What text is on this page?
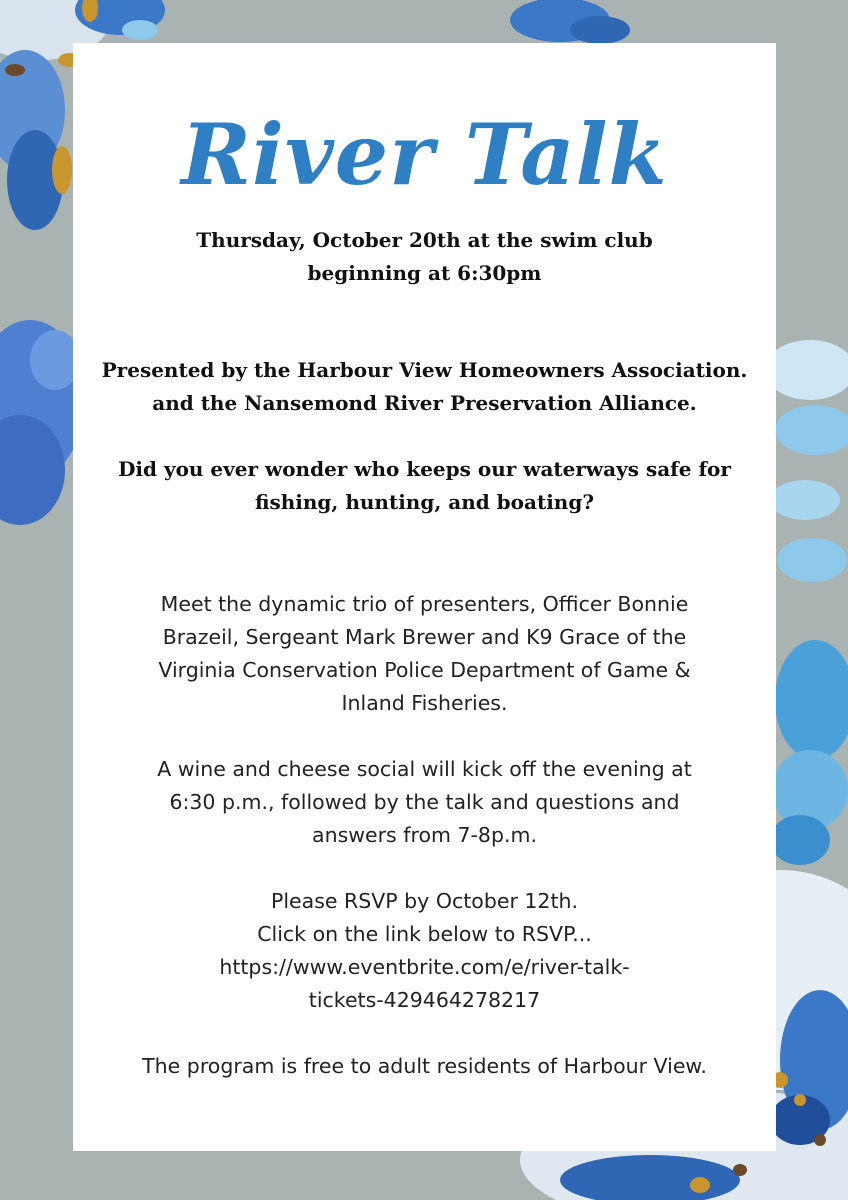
River Talk

Thursday, October 20th at the swim club
beginning at 6:30pm

Presented by the Harbour View Homeowners Association.
and the Nansemond River Preservation Alliance.

Did you ever wonder who keeps our waterways safe for
fishing, hunting, and boating?

Meet the dynamic trio of presenters, Officer Bonnie
Brazeil, Sergeant Mark Brewer and K9 Grace of the
Virginia Conservation Police Department of Game &
Inland Fisheries.

A wine and cheese social will kick off the evening at
6:30 p.m., followed by the talk and questions and
answers from 7-8p.m.

Please RSVP by October 12th.
Click on the link below to RSVP...
https://www.eventbrite.com/e/river-talk-
tickets-429464278217

The program is free to adult residents of Harbour View.
